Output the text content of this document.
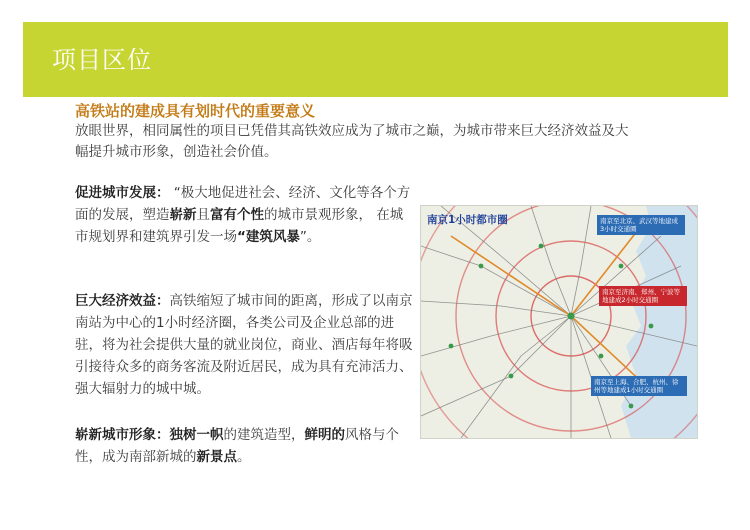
项目区位
高铁站的建成具有划时代的重要意义
放眼世界，相同属性的项目已凭借其高铁效应成为了城市之巅，为城市带来巨大经济效益及大幅提升城市形象，创造社会价值。
促进城市发展： “极大地促进社会、经济、文化等各个方面的发展，塑造崭新且富有个性的城市景观形象， 在城市规划界和建筑界引发一场“建筑风暴”。
巨大经济效益：高铁缩短了城市间的距离，形成了以南京南站为中心的1小时经济圈，各类公司及企业总部的进驻，将为社会提供大量的就业岗位，商业、酒店每年将吸引接待众多的商务客流及附近居民，成为具有充沛活力、强大辐射力的城中城。
崭新城市形象：独树一帜的建筑造型，鲜明的风格与个性，成为南部新城的新景点。
南京1小时都市圈	南京至北京、武汉等地建成3小时交通圈
南京至济南、郑州、宁波等地建成2小时交通圈
南京至上海、合肥、杭州、徐州等地建成1小时交通圈
